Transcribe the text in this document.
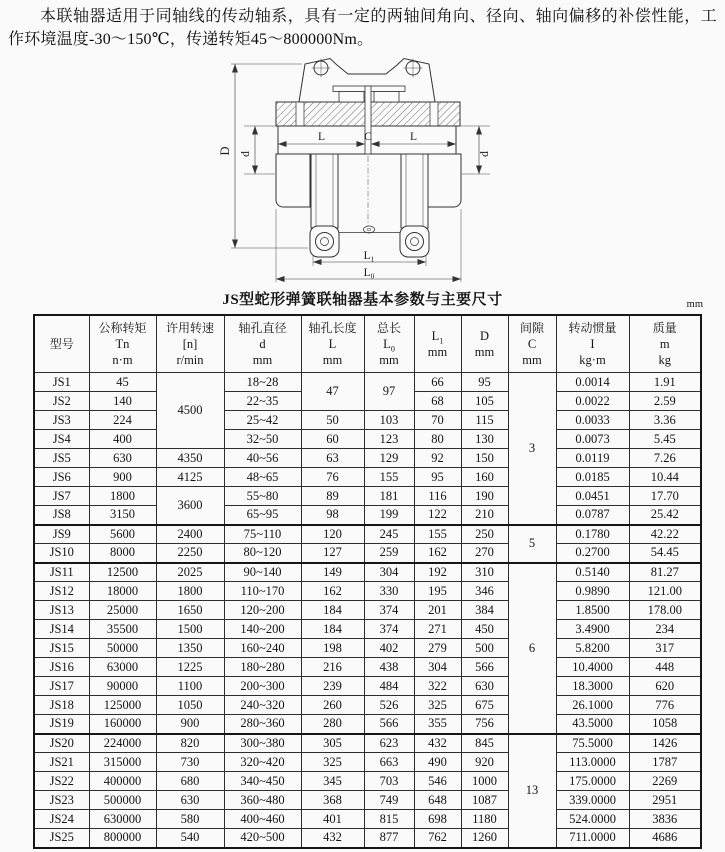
本联轴器适用于同轴线的传动轴系，具有一定的两轴间角向、径向、轴向偏移的补偿性能，工作环境温度-30～150℃，传递转矩45～800000Nm。
D d	d
L	C	L
$L_1$
$L_0$
JS型蛇形弹簧联轴器基本参数与主要尺寸	mm
型号

公称转矩
Tn
n·m

许用转速
[n]
r/min

轴孔直径
d
mm

轴孔长度
L
mm

总长
$L_0$
mm

$L_1$
mm

D
mm

间隙
C
mm

转动惯量
I
kg·m

质量
m
kg

JS1	45	4500	18~28	47	97	66	95	3	0.0014	1.91
JS2	140		22~35			68	105		0.0022	2.59
JS3	224		25~42	50	103	70	115		0.0033	3.36
JS4	400		32~50	60	123	80	130		0.0073	5.45
JS5	630	4350	40~56	63	129	92	150		0.0119	7.26
JS6	900	4125	48~65	76	155	95	160		0.0185	10.44
JS7	1800	3600	55~80	89	181	116	190		0.0451	17.70
JS8	3150		65~95	98	199	122	210		0.0787	25.42
JS9	5600	2400	75~110	120	245	155	250	5	0.1780	42.22
JS10	8000	2250	80~120	127	259	162	270		0.2700	54.45
JS11	12500	2025	90~140	149	304	192	310	6	0.5140	81.27
JS12	18000	1800	110~170	162	330	195	346		0.9890	121.00
JS13	25000	1650	120~200	184	374	201	384		1.8500	178.00
JS14	35500	1500	140~200	184	374	271	450		3.4900	234
JS15	50000	1350	160~240	198	402	279	500		5.8200	317
JS16	63000	1225	180~280	216	438	304	566		10.4000	448
JS17	90000	1100	200~300	239	484	322	630		18.3000	620
JS18	125000	1050	240~320	260	526	325	675		26.1000	776
JS19	160000	900	280~360	280	566	355	756		43.5000	1058
JS20	224000	820	300~380	305	623	432	845	13	75.5000	1426
JS21	315000	730	320~420	325	663	490	920		113.0000	1787
JS22	400000	680	340~450	345	703	546	1000		175.0000	2269
JS23	500000	630	360~480	368	749	648	1087		339.0000	2951
JS24	630000	580	400~460	401	815	698	1180		524.0000	3836
JS25	800000	540	420~500	432	877	762	1260		711.0000	4686
